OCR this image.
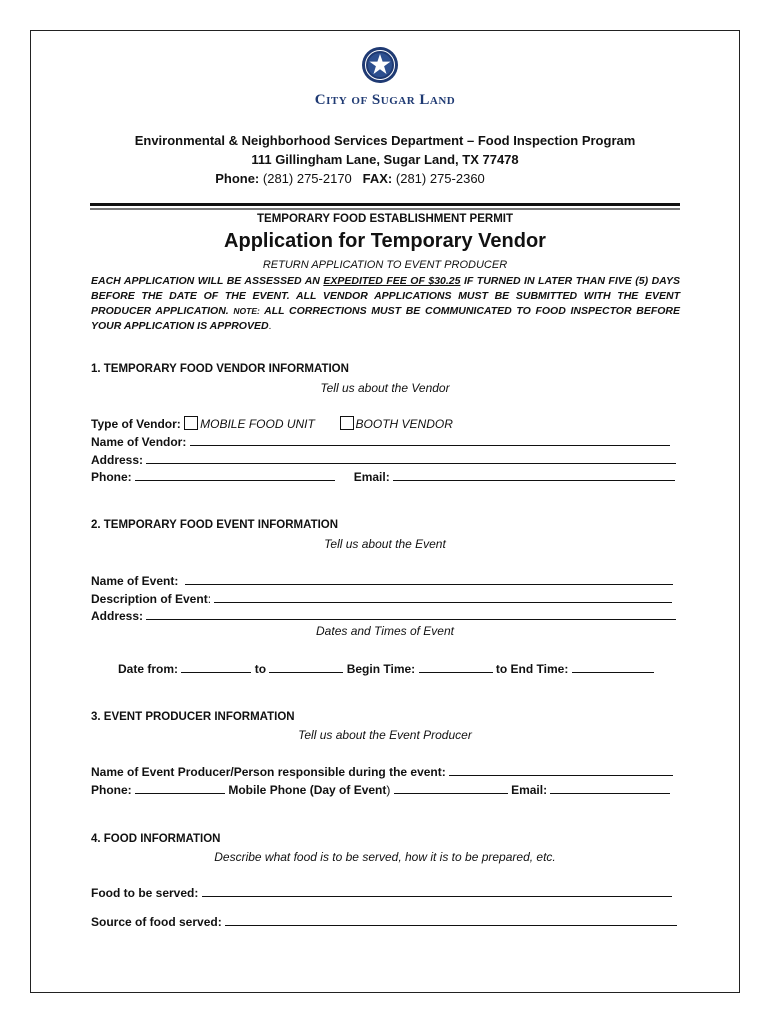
City of Sugar Land
Environmental & Neighborhood Services Department – Food Inspection Program
111 Gillingham Lane, Sugar Land, TX 77478
Phone: (281) 275-2170 FAX: (281) 275-2360
TEMPORARY FOOD ESTABLISHMENT PERMIT
Application for Temporary Vendor
RETURN APPLICATION TO EVENT PRODUCER
EACH APPLICATION WILL BE ASSESSED AN EXPEDITED FEE OF $30.25 IF TURNED IN LATER THAN FIVE (5) DAYS BEFORE THE DATE OF THE EVENT. ALL VENDOR APPLICATIONS MUST BE SUBMITTED WITH THE EVENT PRODUCER APPLICATION. NOTE: ALL CORRECTIONS MUST BE COMMUNICATED TO FOOD INSPECTOR BEFORE YOUR APPLICATION IS APPROVED.
1. TEMPORARY FOOD VENDOR INFORMATION
Tell us about the Vendor
Type of Vendor: MOBILE FOOD UNIT	BOOTH VENDOR
Name of Vendor:
Address:
Phone:	Email:
2. TEMPORARY FOOD EVENT INFORMATION
Tell us about the Event
Name of Event:
Description of Event:
Address:
Dates and Times of Event
Date from:	to	Begin Time:	to End Time:
3. EVENT PRODUCER INFORMATION
Tell us about the Event Producer
Name of Event Producer/Person responsible during the event:
Phone:	Mobile Phone (Day of Event)	Email:
4. FOOD INFORMATION
Describe what food is to be served, how it is to be prepared, etc.
Food to be served:
Source of food served:
